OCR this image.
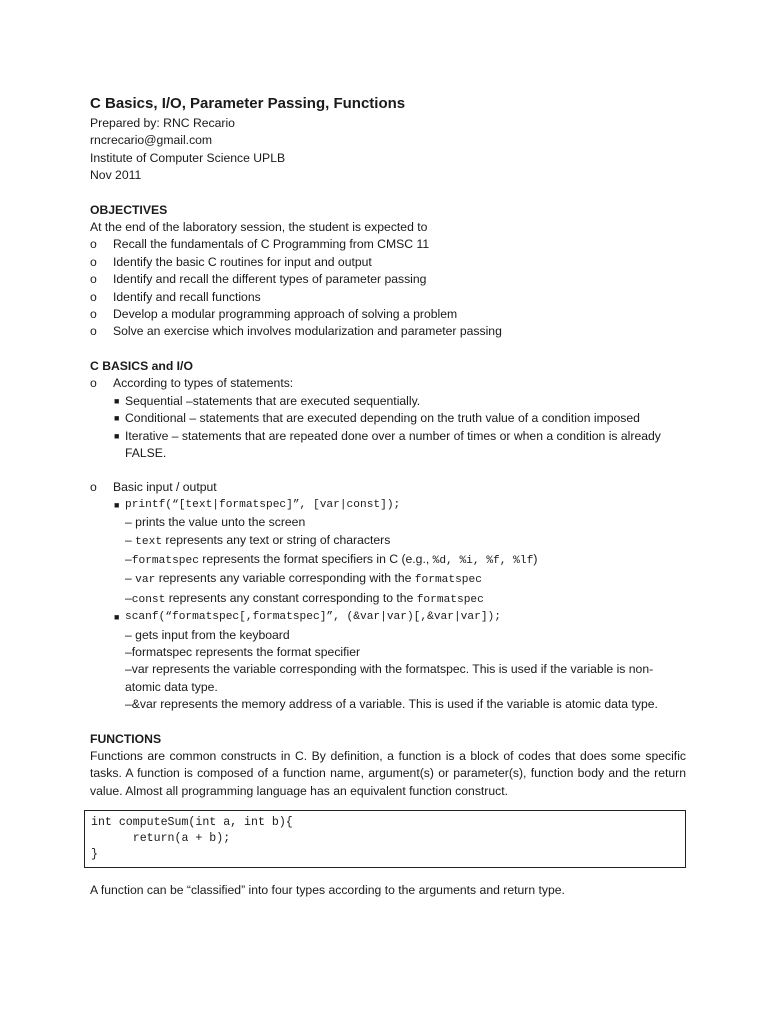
C Basics, I/O, Parameter Passing, Functions

Prepared by: RNC Recario

rncrecario@gmail.com

Institute of Computer Science UPLB

Nov 2011

OBJECTIVES
At the end of the laboratory session, the student is expected to
o Recall the fundamentals of C Programming from CMSC 11
o Identify the basic C routines for input and output
o Identify and recall the different types of parameter passing
o Identify and recall functions
o Develop a modular programming approach of solving a problem
o Solve an exercise which involves modularization and parameter passing
C BASICS and I/O
o According to types of statements:
■ Sequential –statements that are executed sequentially.
■ Conditional – statements that are executed depending on the truth value of a condition imposed
■ Iterative – statements that are repeated done over a number of times or when a condition is already FALSE.
o Basic input / output
■ printf(“[text|formatspec]”, [var|const]);
– prints the value unto the screen
– text represents any text or string of characters
–formatspec represents the format specifiers in C (e.g., %d, %i, %f, %lf)
– var represents any variable corresponding with the formatspec
–const represents any constant corresponding to the formatspec
■ scanf(“formatspec[,formatspec]”, (&var|var)[,&var|var]);
– gets input from the keyboard
–formatspec represents the format specifier
–var represents the variable corresponding with the formatspec. This is used if the variable is non-atomic data type.
–&var represents the memory address of a variable. This is used if the variable is atomic data type.
FUNCTIONS
Functions are common constructs in C. By definition, a function is a block of codes that does some specific tasks. A function is composed of a function name, argument(s) or parameter(s), function body and the return value. Almost all programming language has an equivalent function construct.
int computeSum(int a, int b){
return(a + b);
}
A function can be “classified” into four types according to the arguments and return type.
